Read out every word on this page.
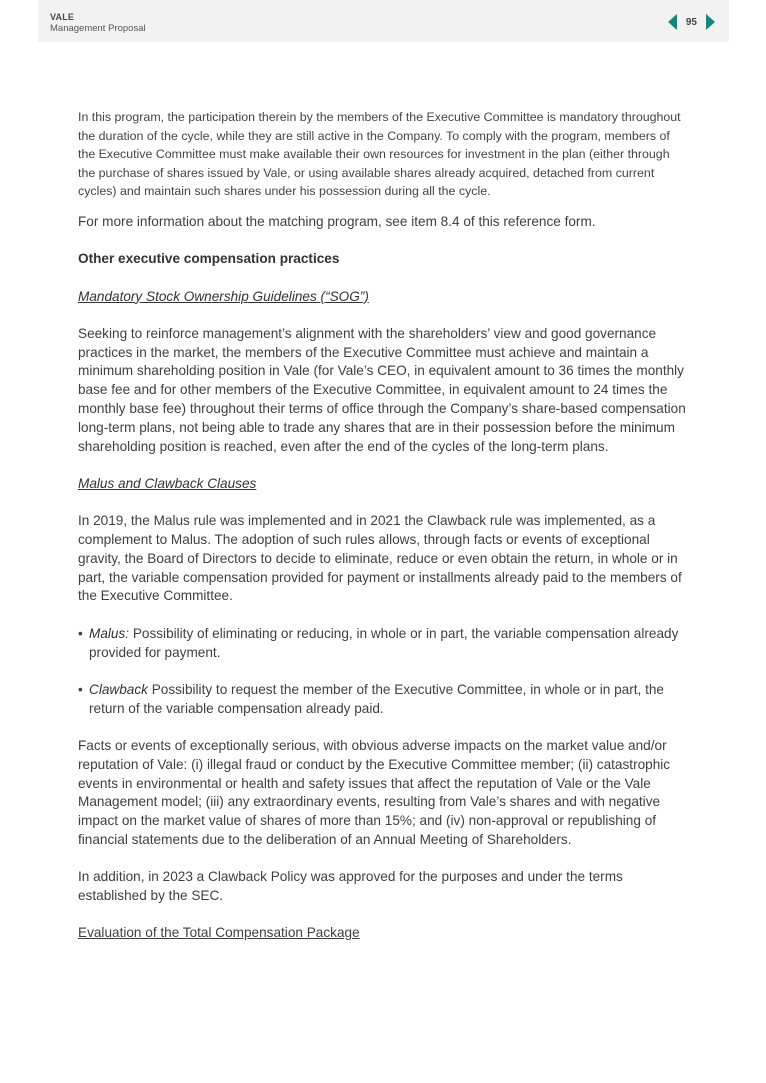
VALE
Management Proposal
95

In this program, the participation therein by the members of the Executive Committee is mandatory throughout the duration of the cycle, while they are still active in the Company. To comply with the program, members of the Executive Committee must make available their own resources for investment in the plan (either through the purchase of shares issued by Vale, or using available shares already acquired, detached from current cycles) and maintain such shares under his possession during all the cycle.

For more information about the matching program, see item 8.4 of this reference form.

Other executive compensation practices

Mandatory Stock Ownership Guidelines (“SOG”)

Seeking to reinforce management’s alignment with the shareholders’ view and good governance practices in the market, the members of the Executive Committee must achieve and maintain a minimum shareholding position in Vale (for Vale’s CEO, in equivalent amount to 36 times the monthly base fee and for other members of the Executive Committee, in equivalent amount to 24 times the monthly base fee) throughout their terms of office through the Company’s share-based compensation long-term plans, not being able to trade any shares that are in their possession before the minimum shareholding position is reached, even after the end of the cycles of the long-term plans.

Malus and Clawback Clauses

In 2019, the Malus rule was implemented and in 2021 the Clawback rule was implemented, as a complement to Malus. The adoption of such rules allows, through facts or events of exceptional gravity, the Board of Directors to decide to eliminate, reduce or even obtain the return, in whole or in part, the variable compensation provided for payment or installments already paid to the members of the Executive Committee.

• Malus: Possibility of eliminating or reducing, in whole or in part, the variable compensation already provided for payment.
• Clawback Possibility to request the member of the Executive Committee, in whole or in part, the return of the variable compensation already paid.

Facts or events of exceptionally serious, with obvious adverse impacts on the market value and/or reputation of Vale: (i) illegal fraud or conduct by the Executive Committee member; (ii) catastrophic events in environmental or health and safety issues that affect the reputation of Vale or the Vale Management model; (iii) any extraordinary events, resulting from Vale’s shares and with negative impact on the market value of shares of more than 15%; and (iv) non-approval or republishing of financial statements due to the deliberation of an Annual Meeting of Shareholders.

In addition, in 2023 a Clawback Policy was approved for the purposes and under the terms established by the SEC.

Evaluation of the Total Compensation Package
